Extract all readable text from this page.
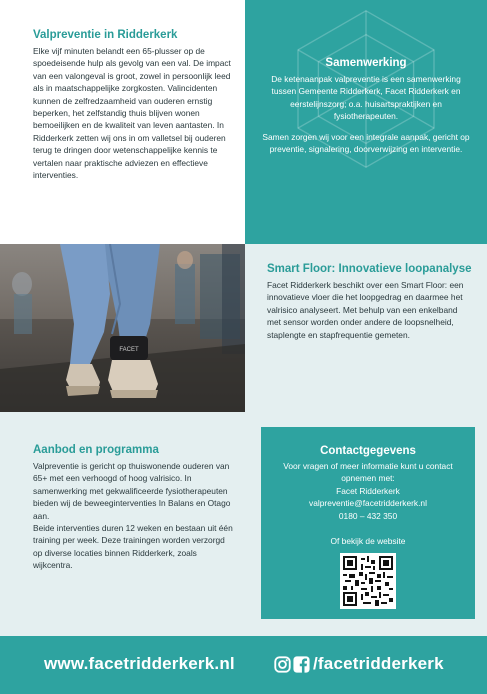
Valpreventie in Ridderkerk

Elke vijf minuten belandt een 65-plusser op de spoedeisende hulp als gevolg van een val. De impact van een valongeval is groot, zowel in persoonlijk leed als in maatschappelijke zorgkosten. Valincidenten kunnen de zelfredzaamheid van ouderen ernstig beperken, het zelfstandig thuis blijven wonen bemoeilijken en de kwaliteit van leven aantasten. In Ridderkerk zetten wij ons in om valletsel bij ouderen terug te dringen door wetenschappelijke kennis te vertalen naar praktische adviezen en effectieve interventies.

Samenwerking

De ketenaanpak valpreventie is een samenwerking tussen Gemeente Ridderkerk, Facet Ridderkerk en eerstelijnszorg; o.a. huisartspraktijken en fysiotherapeuten.

Samen zorgen wij voor een integrale aanpak, gericht op preventie, signalering, doorverwijzing en interventie.

FACET
Smart Floor: Innovatieve loopanalyse

Facet Ridderkerk beschikt over een Smart Floor: een innovatieve vloer die het loopgedrag en daarmee het valrisico analyseert. Met behulp van een enkelband met sensor worden onder andere de loopsnelheid, staplengte en stapfrequentie gemeten.

Aanbod en programma

Valpreventie is gericht op thuiswonende ouderen van 65+ met een verhoogd of hoog valrisico. In samenwerking met gekwalificeerde fysiotherapeuten bieden wij de beweeginterventies In Balans en Otago aan.

Beide interventies duren 12 weken en bestaan uit één training per week. Deze trainingen worden verzorgd op diverse locaties binnen Ridderkerk, zoals wijkcentra.

Contactgegevens

Voor vragen of meer informatie kunt u contact opnemen met:

Facet Ridderkerk

valpreventie@facetridderkerk.nl

0180 – 432 350

Of bekijk de website

www.facetridderkerk.nl	/facetridderkerk
